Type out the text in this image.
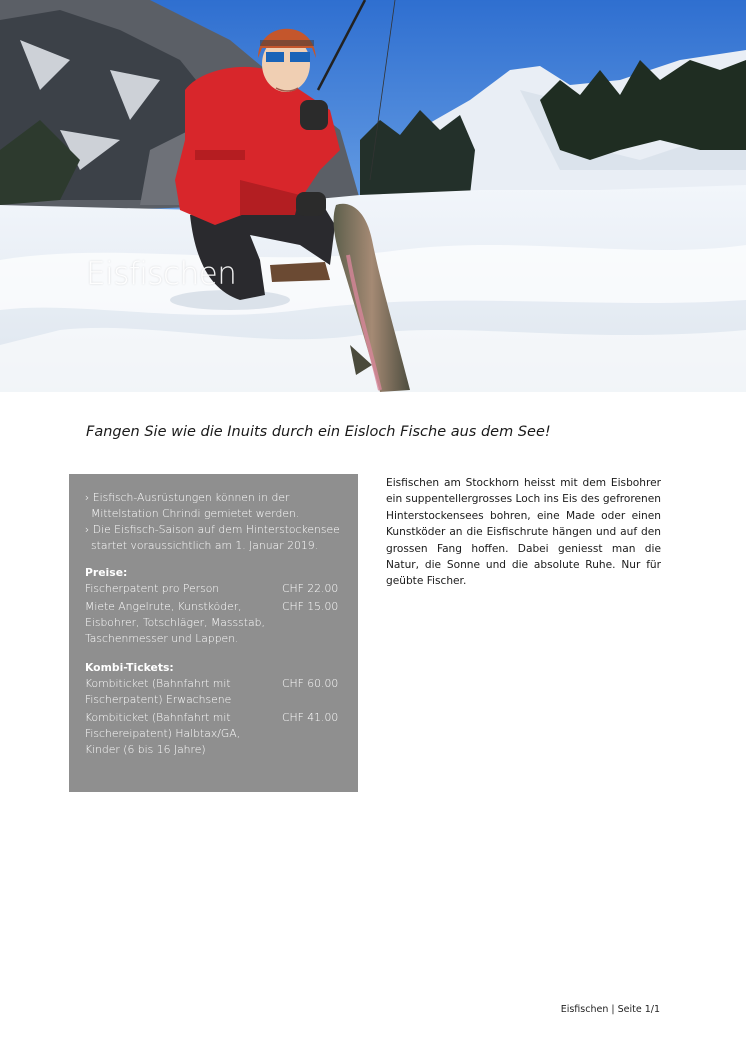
Eisfischen
Fangen Sie wie die Inuits durch ein Eisloch Fische aus dem See!
› Eisfisch-Ausrüstungen können in der Mittelstation Chrindi gemietet werden.
› Die Eisfisch-Saison auf dem Hinterstockensee startet voraussichtlich am 1. Januar 2019.
Preise:
Fischerpatent pro Person	CHF 22.00
Miete Angelrute, Kunstköder, Eisbohrer, Totschläger, Massstab, Taschenmesser und Lappen.
CHF 15.00
Kombi-Tickets:
Kombiticket (Bahnfahrt mit Fischerpatent) Erwachsene
CHF 60.00
Kombiticket (Bahnfahrt mit Fischereipatent) Halbtax/GA, Kinder (6 bis 16 Jahre)
CHF 41.00
Eisfischen am Stockhorn heisst mit dem Eisbohrer ein suppentellergrosses Loch ins Eis des gefrorenen Hinterstockensees bohren, eine Made oder einen Kunstköder an die Eisfischrute hängen und auf den grossen Fang hoffen. Dabei geniesst man die Natur, die Sonne und die absolute Ruhe. Nur für geübte Fischer.
Eisfischen | Seite 1/1
